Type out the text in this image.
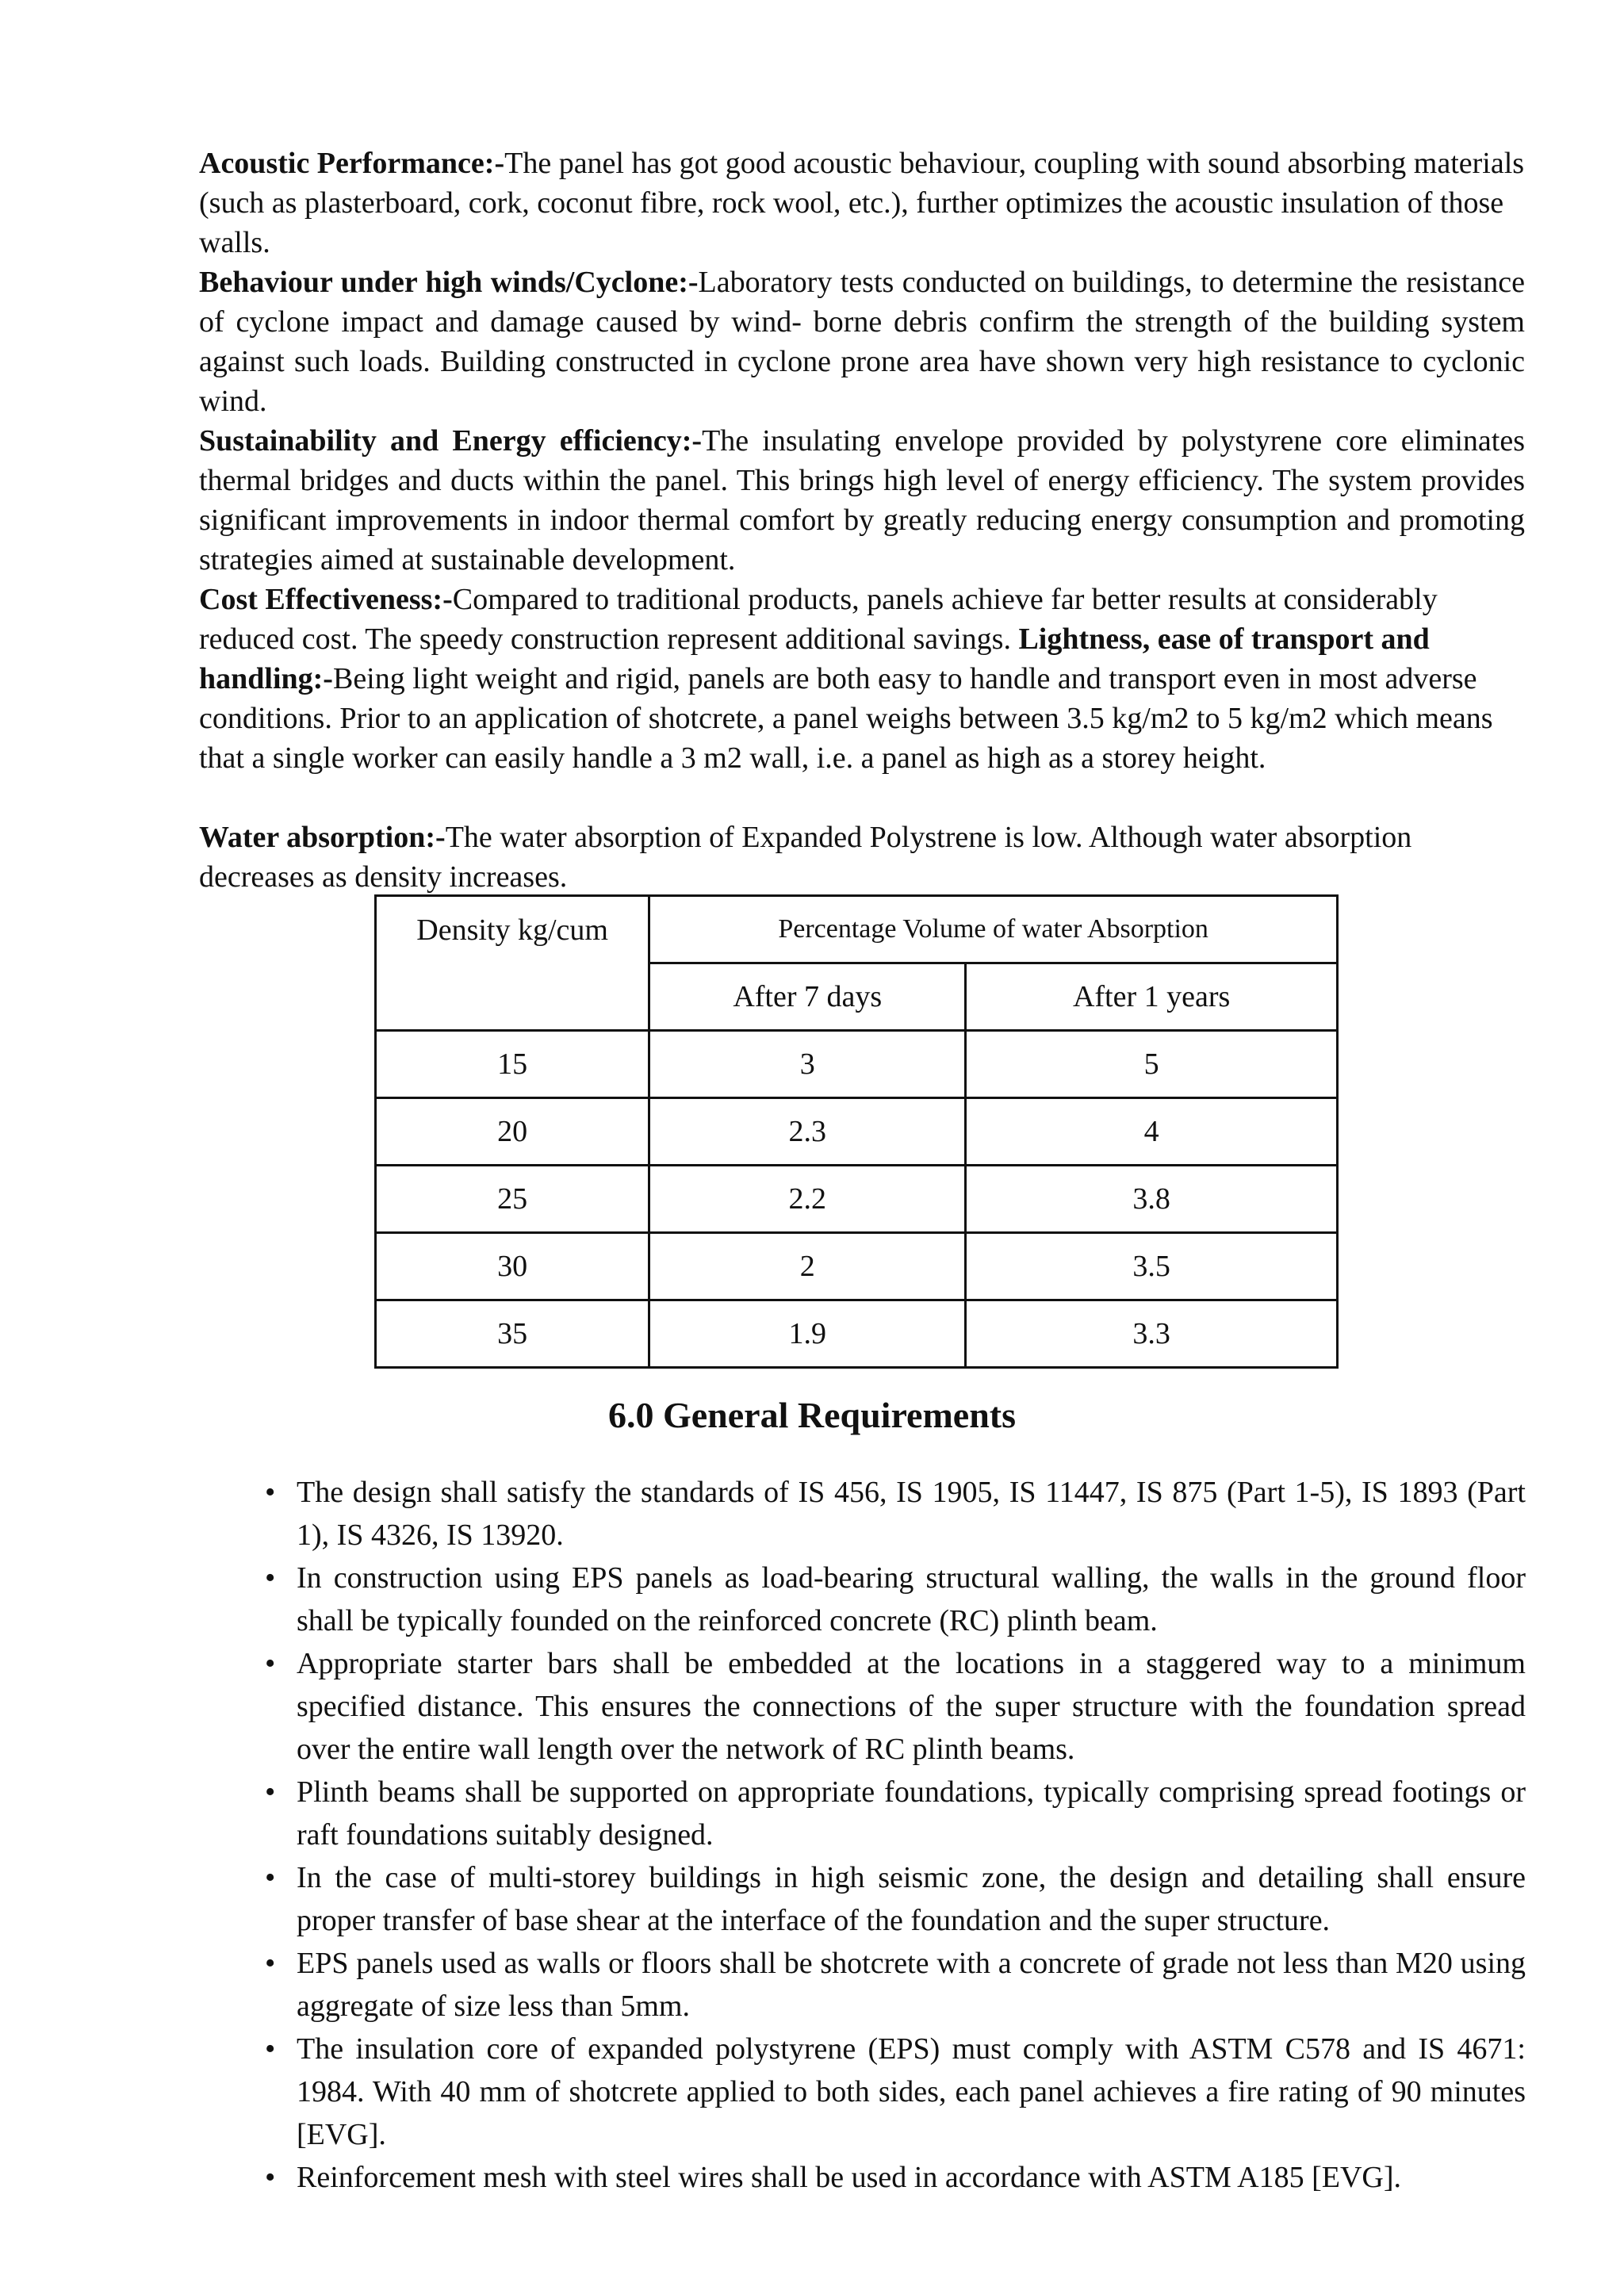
Acoustic Performance:-The panel has got good acoustic behaviour, coupling with sound absorbing materials (such as plasterboard, cork, coconut fibre, rock wool, etc.), further optimizes the acoustic insulation of those walls.

Behaviour under high winds/Cyclone:-Laboratory tests conducted on buildings, to determine the resistance of cyclone impact and damage caused by wind- borne debris confirm the strength of the building system against such loads. Building constructed in cyclone prone area have shown very high resistance to cyclonic wind.

Sustainability and Energy efficiency:-The insulating envelope provided by polystyrene core eliminates thermal bridges and ducts within the panel. This brings high level of energy efficiency. The system provides significant improvements in indoor thermal comfort by greatly reducing energy consumption and promoting strategies aimed at sustainable development.

Cost Effectiveness:-Compared to traditional products, panels achieve far better results at considerably reduced cost. The speedy construction represent additional savings. Lightness, ease of transport and handling:-Being light weight and rigid, panels are both easy to handle and transport even in most adverse conditions. Prior to an application of shotcrete, a panel weighs between 3.5 kg/m2 to 5 kg/m2 which means that a single worker can easily handle a 3 m2 wall, i.e. a panel as high as a storey height.

Water absorption:-The water absorption of Expanded Polystrene is low. Although water absorption decreases as density increases.

Density kg/cum	Percentage Volume of water Absorption	
	After 7 days	After 1 years
15	3	5
20	2.3	4
25	2.2	3.8
30	2	3.5
35	1.9	3.3
6.0 General Requirements
• The design shall satisfy the standards of IS 456, IS 1905, IS 11447, IS 875 (Part 1-5), IS 1893 (Part 1), IS 4326, IS 13920.
• In construction using EPS panels as load-bearing structural walling, the walls in the ground floor shall be typically founded on the reinforced concrete (RC) plinth beam.
• Appropriate starter bars shall be embedded at the locations in a staggered way to a minimum specified distance. This ensures the connections of the super structure with the foundation spread over the entire wall length over the network of RC plinth beams.
• Plinth beams shall be supported on appropriate foundations, typically comprising spread footings or raft foundations suitably designed.
• In the case of multi-storey buildings in high seismic zone, the design and detailing shall ensure proper transfer of base shear at the interface of the foundation and the super structure.
• EPS panels used as walls or floors shall be shotcrete with a concrete of grade not less than M20 using aggregate of size less than 5mm.
• The insulation core of expanded polystyrene (EPS) must comply with ASTM C578 and IS 4671: 1984. With 40 mm of shotcrete applied to both sides, each panel achieves a fire rating of 90 minutes [EVG].
• Reinforcement mesh with steel wires shall be used in accordance with ASTM A185 [EVG].
